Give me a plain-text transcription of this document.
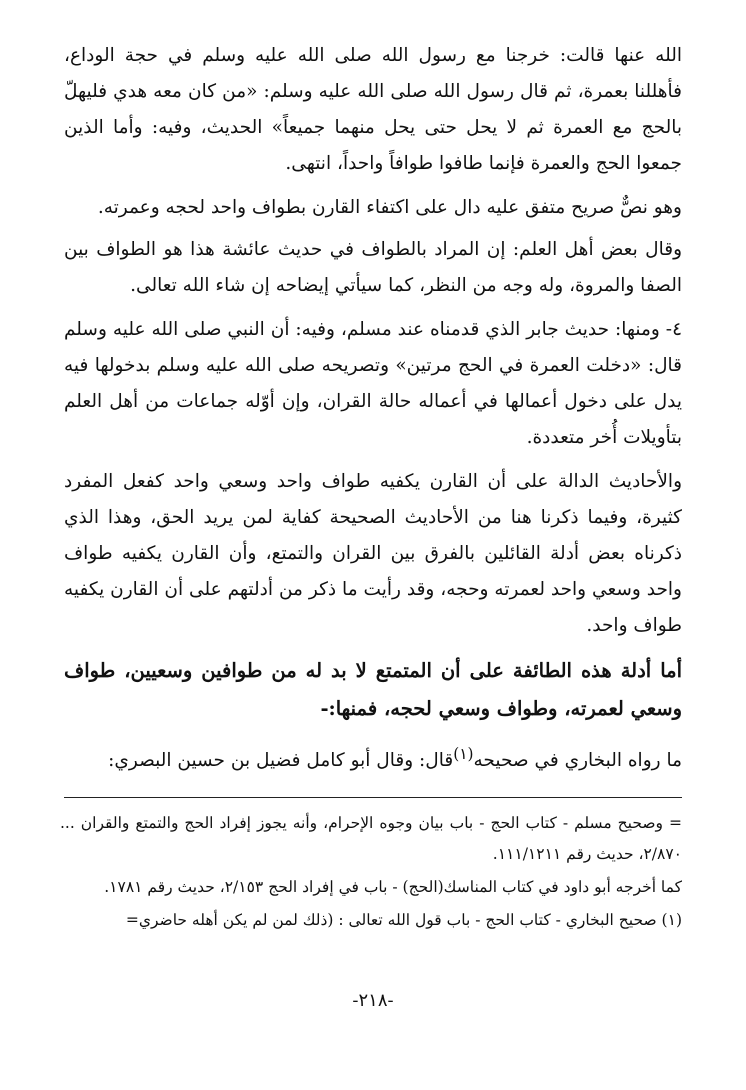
الله عنها قالت: خرجنا مع رسول الله صلى الله عليه وسلم في حجة الوداع، فأهللنا بعمرة، ثم قال رسول الله صلى الله عليه وسلم: «من كان معه هدي فليهلّ بالحج مع العمرة ثم لا يحل حتى يحل منهما جميعاً» الحديث، وفيه: وأما الذين جمعوا الحج والعمرة فإنما طافوا طوافاً واحداً، انتهى.

وهو نصٌّ صريح متفق عليه دال على اكتفاء القارن بطواف واحد لحجه وعمرته.

وقال بعض أهل العلم: إن المراد بالطواف في حديث عائشة هذا هو الطواف بين الصفا والمروة، وله وجه من النظر، كما سيأتي إيضاحه إن شاء الله تعالى.

٤- ومنها: حديث جابر الذي قدمناه عند مسلم، وفيه: أن النبي صلى الله عليه وسلم قال: «دخلت العمرة في الحج مرتين» وتصريحه صلى الله عليه وسلم بدخولها فيه يدل على دخول أعمالها في أعماله حالة القران، وإن أوّله جماعات من أهل العلم بتأويلات أُخر متعددة.

والأحاديث الدالة على أن القارن يكفيه طواف واحد وسعي واحد كفعل المفرد كثيرة، وفيما ذكرنا هنا من الأحاديث الصحيحة كفاية لمن يريد الحق، وهذا الذي ذكرناه بعض أدلة القائلين بالفرق بين القران والتمتع، وأن القارن يكفيه طواف واحد وسعي واحد لعمرته وحجه، وقد رأيت ما ذكر من أدلتهم على أن القارن يكفيه طواف واحد.

أما أدلة هذه الطائفة على أن المتمتع لا بد له من طوافين وسعيين، طواف وسعي لعمرته، وطواف وسعي لحجه، فمنها:-

ما رواه البخاري في صحيحه$^{(١)}$قال: وقال أبو كامل فضيل بن حسين البصري:

=وصحيح مسلم - كتاب الحج - باب بيان وجوه الإحرام، وأنه يجوز إفراد الحج والتمتع والقران ... ٢/٨٧٠، حديث رقم ١١١/١٢١١.

كما أخرجه أبو داود في كتاب المناسك(الحج) - باب في إفراد الحج ٢/١٥٣، حديث رقم ١٧٨١.

(١) صحيح البخاري - كتاب الحج - باب قول الله تعالى : (ذلك لمن لم يكن أهله حاضري=

-٢١٨-
